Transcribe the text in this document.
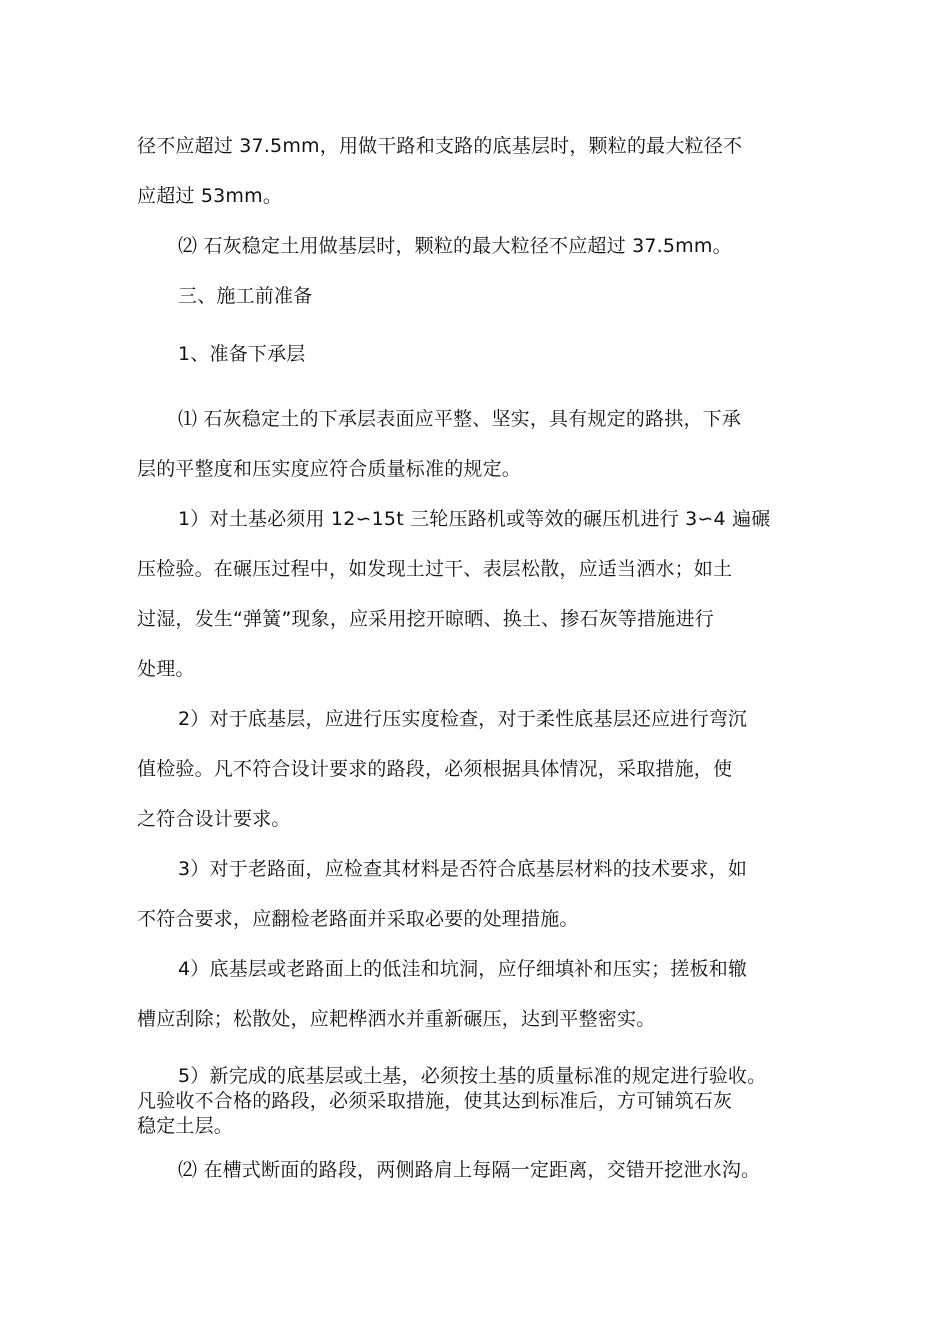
径不应超过 37.5mm，用做干路和支路的底基层时，颗粒的最大粒径不
应超过 53mm。
⑵ 石灰稳定土用做基层时，颗粒的最大粒径不应超过 37.5mm。
三、施工前准备
1、准备下承层
⑴ 石灰稳定土的下承层表面应平整、坚实，具有规定的路拱，下承
层的平整度和压实度应符合质量标准的规定。
1）对土基必须用 12∽15t 三轮压路机或等效的碾压机进行 3∽4 遍碾
压检验。在碾压过程中，如发现土过干、表层松散，应适当洒水；如土
过湿，发生“弹簧”现象，应采用挖开晾晒、换土、掺石灰等措施进行
处理。
2）对于底基层，应进行压实度检查，对于柔性底基层还应进行弯沉
值检验。凡不符合设计要求的路段，必须根据具体情况，采取措施，使
之符合设计要求。
3）对于老路面，应检查其材料是否符合底基层材料的技术要求，如
不符合要求，应翻检老路面并采取必要的处理措施。
4）底基层或老路面上的低洼和坑洞，应仔细填补和压实；搓板和辙
槽应刮除；松散处，应耙桦洒水并重新碾压，达到平整密实。
5）新完成的底基层或土基，必须按土基的质量标准的规定进行验收。
凡验收不合格的路段，必须采取措施，使其达到标准后，方可铺筑石灰
稳定土层。
⑵ 在槽式断面的路段，两侧路肩上每隔一定距离，交错开挖泄水沟。
